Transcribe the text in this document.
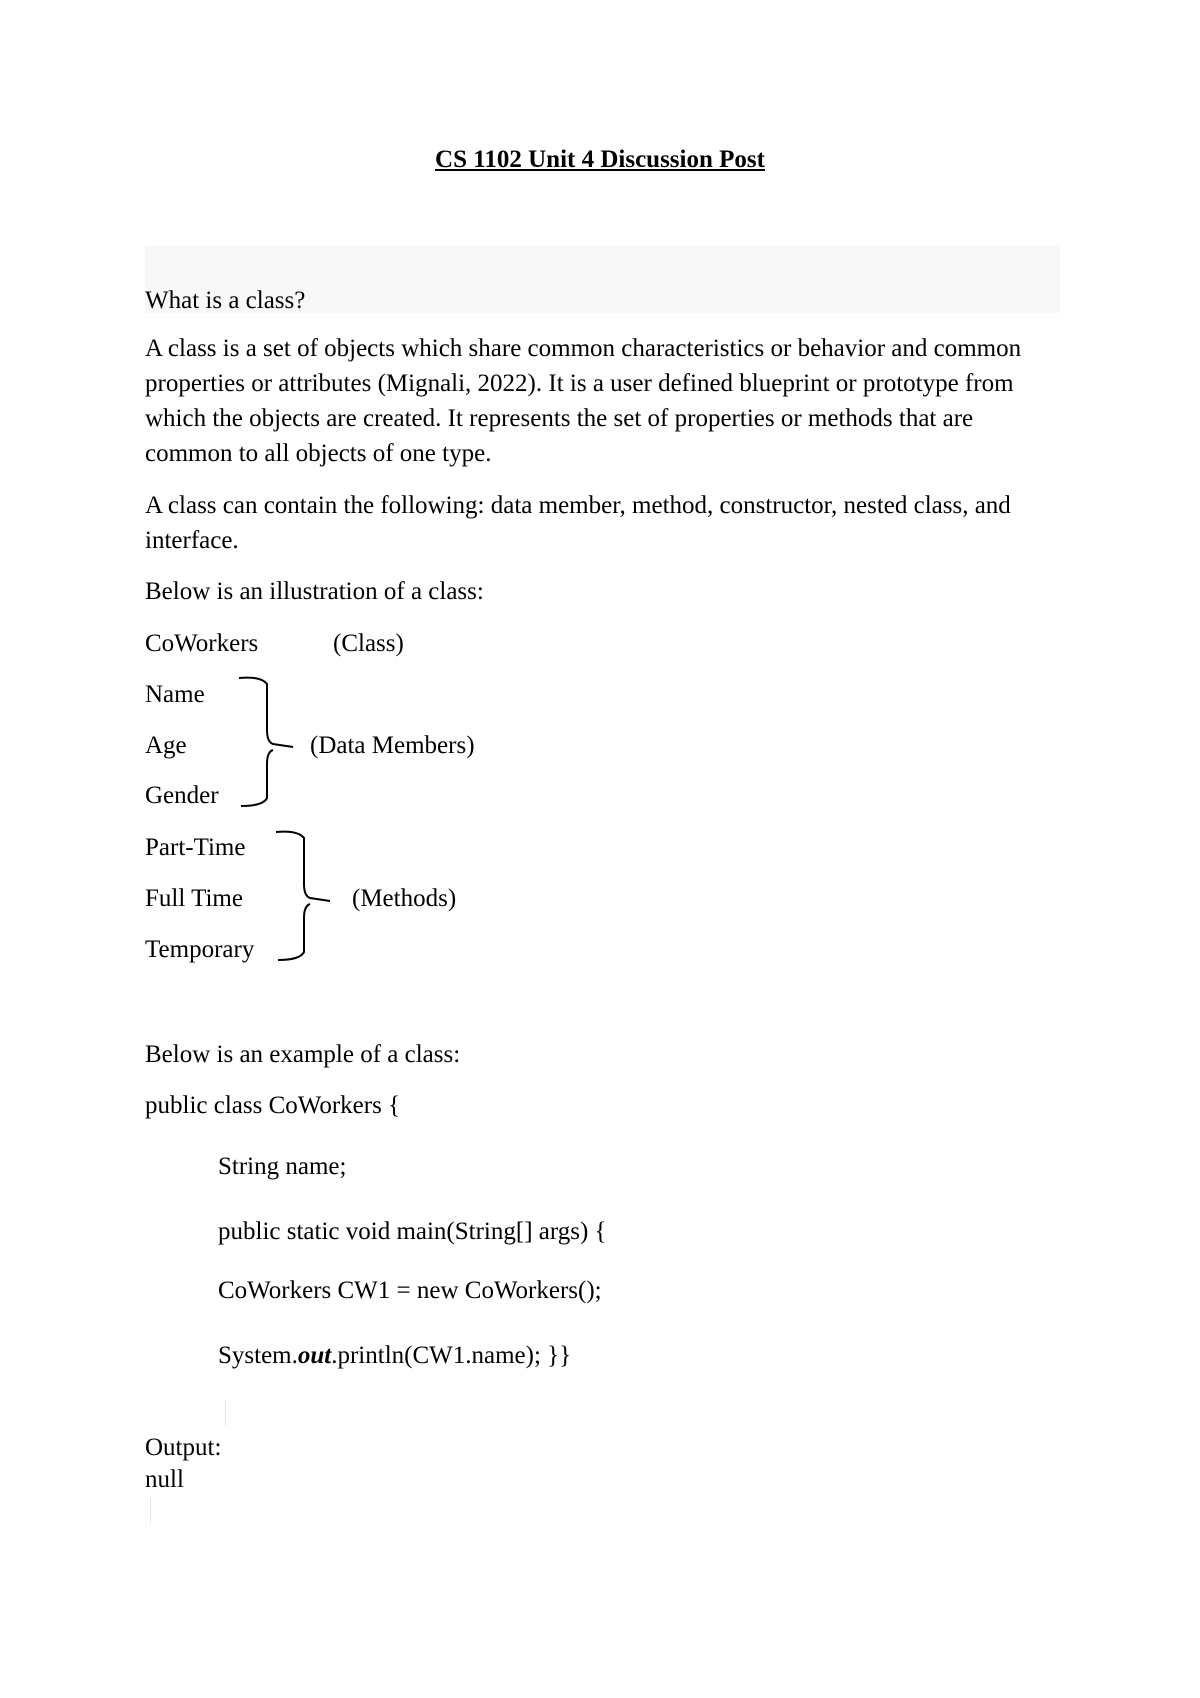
CS 1102 Unit 4 Discussion Post
What is a class?
A class is a set of objects which share common characteristics or behavior and common properties or attributes (Mignali, 2022). It is a user defined blueprint or prototype from which the objects are created. It represents the set of properties or methods that are common to all objects of one type.
A class can contain the following: data member, method, constructor, nested class, and interface.
Below is an illustration of a class:
CoWorkers	(Class)
Name
Age
Gender
(Data Members)
Part-Time
Full Time
Temporary
(Methods)
Below is an example of a class:
public class CoWorkers {
String name;
public static void main(String[] args) {
CoWorkers CW1 = new CoWorkers();
System.out.println(CW1.name); }}
Output:
null
